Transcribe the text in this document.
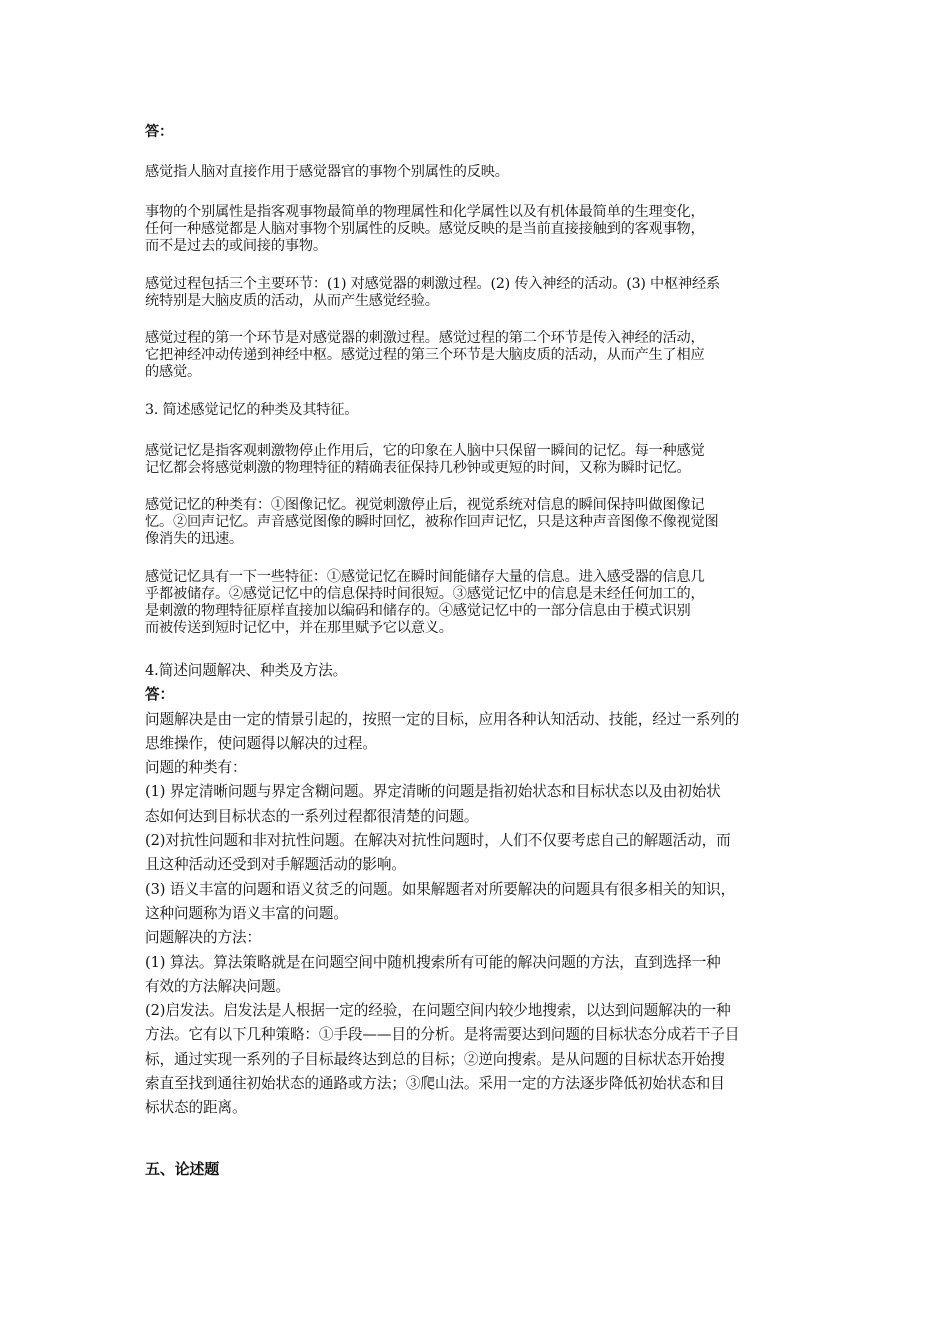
答：
感觉指人脑对直接作用于感觉器官的事物个别属性的反映。
事物的个别属性是指客观事物最简单的物理属性和化学属性以及有机体最简单的生理变化，
任何一种感觉都是人脑对事物个别属性的反映。感觉反映的是当前直接接触到的客观事物，
而不是过去的或间接的事物。
感觉过程包括三个主要环节：(1) 对感觉器的刺激过程。(2) 传入神经的活动。(3) 中枢神经系
统特别是大脑皮质的活动，从而产生感觉经验。
感觉过程的第一个环节是对感觉器的刺激过程。感觉过程的第二个环节是传入神经的活动，
它把神经冲动传递到神经中枢。感觉过程的第三个环节是大脑皮质的活动，从而产生了相应
的感觉。
3. 简述感觉记忆的种类及其特征。
感觉记忆是指客观刺激物停止作用后，它的印象在人脑中只保留一瞬间的记忆。每一种感觉
记忆都会将感觉刺激的物理特征的精确表征保持几秒钟或更短的时间，又称为瞬时记忆。
感觉记忆的种类有：①图像记忆。视觉刺激停止后，视觉系统对信息的瞬间保持叫做图像记
忆。②回声记忆。声音感觉图像的瞬时回忆，被称作回声记忆，只是这种声音图像不像视觉图
像消失的迅速。
感觉记忆具有一下一些特征：①感觉记忆在瞬时间能储存大量的信息。进入感受器的信息几
乎都被储存。②感觉记忆中的信息保持时间很短。③感觉记忆中的信息是未经任何加工的，
是刺激的物理特征原样直接加以编码和储存的。④感觉记忆中的一部分信息由于模式识别
而被传送到短时记忆中，并在那里赋予它以意义。
4.简述问题解决、种类及方法。
答：
问题解决是由一定的情景引起的，按照一定的目标，应用各种认知活动、技能，经过一系列的
思维操作，使问题得以解决的过程。
问题的种类有：
(1) 界定清晰问题与界定含糊问题。界定清晰的问题是指初始状态和目标状态以及由初始状
态如何达到目标状态的一系列过程都很清楚的问题。
(2)对抗性问题和非对抗性问题。在解决对抗性问题时，人们不仅要考虑自己的解题活动，而
且这种活动还受到对手解题活动的影响。
(3) 语义丰富的问题和语义贫乏的问题。如果解题者对所要解决的问题具有很多相关的知识，
这种问题称为语义丰富的问题。
问题解决的方法：
(1) 算法。算法策略就是在问题空间中随机搜索所有可能的解决问题的方法，直到选择一种
有效的方法解决问题。
(2)启发法。启发法是人根据一定的经验，在问题空间内较少地搜索，以达到问题解决的一种
方法。它有以下几种策略：①手段——目的分析。是将需要达到问题的目标状态分成若干子目
标，通过实现一系列的子目标最终达到总的目标；②逆向搜索。是从问题的目标状态开始搜
索直至找到通往初始状态的通路或方法；③爬山法。采用一定的方法逐步降低初始状态和目
标状态的距离。
五、论述题
